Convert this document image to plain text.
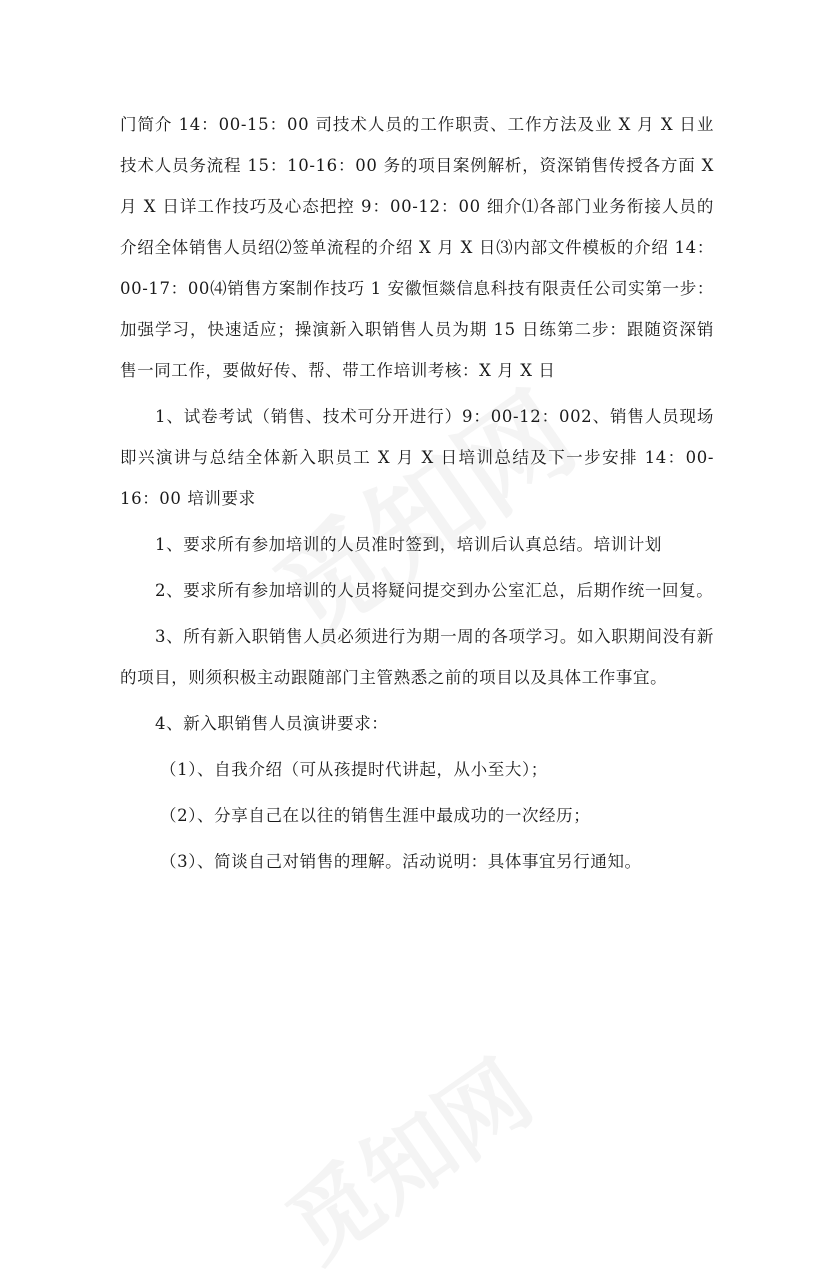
门简介 14：00-15：00 司技术人员的工作职责、工作方法及业 X 月 X 日业技术人员务流程 15：10-16：00 务的项目案例解析，资深销售传授各方面 X 月 X 日详工作技巧及心态把控 9：00-12：00 细介⑴各部门业务衔接人员的介绍全体销售人员绍⑵签单流程的介绍 X 月 X 日⑶内部文件模板的介绍 14：00-17：00⑷销售方案制作技巧 1 安徽恒燚信息科技有限责任公司实第一步：加强学习，快速适应；操演新入职销售人员为期 15 日练第二步：跟随资深销售一同工作，要做好传、帮、带工作培训考核：X 月 X 日

1、试卷考试（销售、技术可分开进行）9：00-12：002、销售人员现场即兴演讲与总结全体新入职员工 X 月 X 日培训总结及下一步安排 14：00-16：00 培训要求

1、要求所有参加培训的人员准时签到，培训后认真总结。培训计划

2、要求所有参加培训的人员将疑问提交到办公室汇总，后期作统一回复。

3、所有新入职销售人员必须进行为期一周的各项学习。如入职期间没有新的项目，则须积极主动跟随部门主管熟悉之前的项目以及具体工作事宜。

4、新入职销售人员演讲要求：

（1）、自我介绍（可从孩提时代讲起，从小至大）；

（2）、分享自己在以往的销售生涯中最成功的一次经历；

（3）、简谈自己对销售的理解。活动说明：具体事宜另行通知。
